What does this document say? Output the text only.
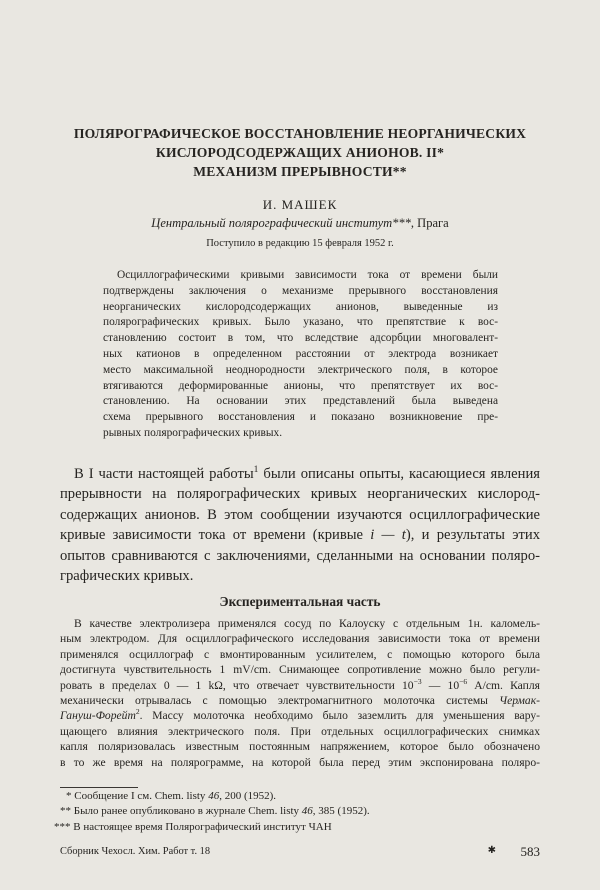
ПОЛЯРОГРАФИЧЕСКОЕ ВОССТАНОВЛЕНИЕ НЕОРГАНИЧЕСКИХ
КИСЛОРОДСОДЕРЖАЩИХ АНИОНОВ. II*
МЕХАНИЗМ ПРЕРЫВНОСТИ**
И. МАШЕК
Центральный полярографический институт***, Прага
Поступило в редакцию 15 февраля 1952 г.
Осциллографическими кривыми зависимости тока от времени были
подтверждены заключения о механизме прерывного восстановления
неорганических кислородсодержащих анионов, выведенные из
полярографических кривых. Было указано, что препятствие к вос-
становлению состоит в том, что вследствие адсорбции многовалент-
ных катионов в определенном расстоянии от электрода возникает
место максимальной неоднородности электрического поля, в которое
втягиваются деформированные анионы, что препятствует их вос-
становлению. На основании этих представлений была выведена
схема прерывного восстановления и показано возникновение пре-
рывных полярографических кривых.
В I части настоящей работы$^1$ были описаны опыты, касающиеся явления
прерывности на полярографических кривых неорганических кислород-
содержащих анионов. В этом сообщении изучаются осциллографические
кривые зависимости тока от времени (кривые i — t), и результаты этих
опытов сравниваются с заключениями, сделанными на основании поляро-
графических кривых.
Экспериментальная часть
В качестве электролизера применялся сосуд по Калоуску с отдельным 1н. каломель-
ным электродом. Для осциллографического исследования зависимости тока от времени
применялся осциллограф с вмонтированным усилителем, с помощью которого была
достигнута чувствительность 1 mV/cm. Снимающее сопротивление можно было регули-
ровать в пределах 0 — 1 kΩ, что отвечает чувствительности $10^{-3}$ — $10^{-6}$ A/cm. Капля
механически отрывалась с помощью электромагнитного молоточка системы Чермак-
Гануш-Форейт$^2$. Массу молоточка необходимо было заземлить для уменьшения вару-
щающего влияния электрического поля. При отдельных осциллографических снимках
капля поляризовалась известным постоянным напряжением, которое было обозначено
в то же время на полярограмме, на которой была перед этим экспонирована поляро-
* Сообщение I см. Chem. listy 46, 200 (1952).
** Было ранее опубликовано в журнале Chem. listy 46, 385 (1952).
*** В настоящее время Полярографический институт ЧАН
Сборник Чехосл. Хим. Работ т. 18	✱ 583
